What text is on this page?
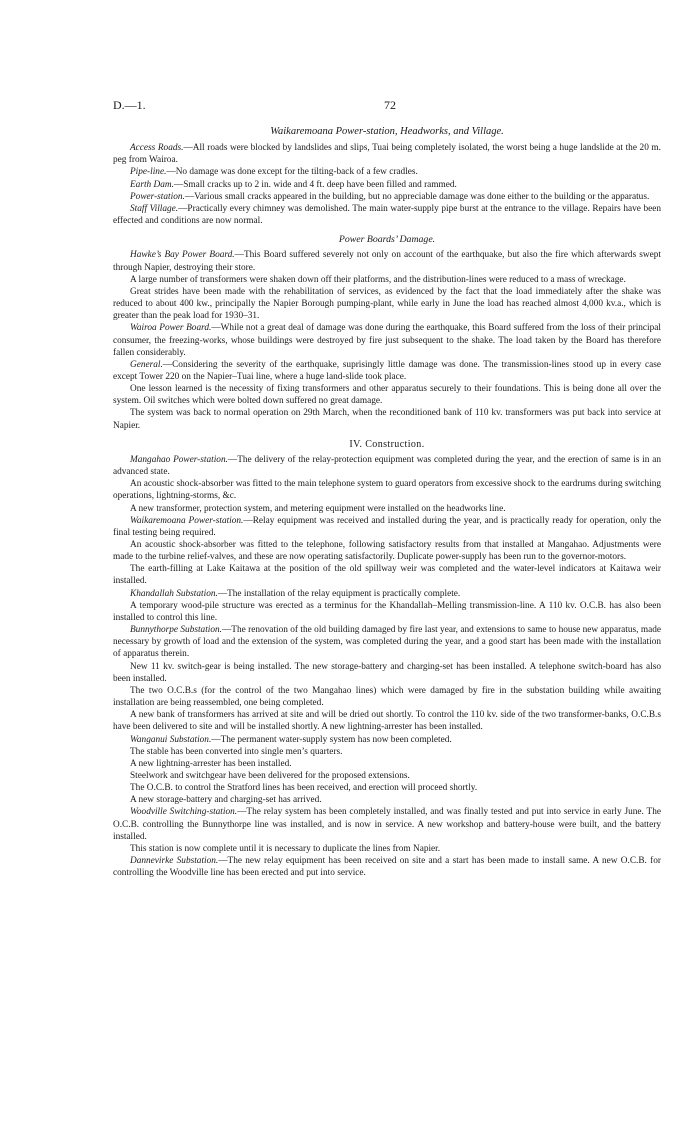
D.—1.	72
Waikaremoana Power-station, Headworks, and Village.

Access Roads.—All roads were blocked by landslides and slips, Tuai being completely isolated, the worst being a huge landslide at the 20 m. peg from Wairoa.

Pipe-line.—No damage was done except for the tilting-back of a few cradles.

Earth Dam.—Small cracks up to 2 in. wide and 4 ft. deep have been filled and rammed.

Power-station.—Various small cracks appeared in the building, but no appreciable damage was done either to the building or the apparatus.

Staff Village.—Practically every chimney was demolished. The main water-supply pipe burst at the entrance to the village. Repairs have been effected and conditions are now normal.

Power Boards’ Damage.

Hawke’s Bay Power Board.—This Board suffered severely not only on account of the earthquake, but also the fire which afterwards swept through Napier, destroying their store.

A large number of transformers were shaken down off their platforms, and the distribution-lines were reduced to a mass of wreckage.

Great strides have been made with the rehabilitation of services, as evidenced by the fact that the load immediately after the shake was reduced to about 400 kw., principally the Napier Borough pumping-plant, while early in June the load has reached almost 4,000 kv.a., which is greater than the peak load for 1930–31.

Wairoa Power Board.—While not a great deal of damage was done during the earthquake, this Board suffered from the loss of their principal consumer, the freezing-works, whose buildings were destroyed by fire just subsequent to the shake. The load taken by the Board has therefore fallen considerably.

General.—Considering the severity of the earthquake, suprisingly little damage was done. The transmission-lines stood up in every case except Tower 220 on the Napier–Tuai line, where a huge land-slide took place.

One lesson learned is the necessity of fixing transformers and other apparatus securely to their foundations. This is being done all over the system. Oil switches which were bolted down suffered no great damage.

The system was back to normal operation on 29th March, when the reconditioned bank of 110 kv. transformers was put back into service at Napier.

IV. Construction.

Mangahao Power-station.—The delivery of the relay-protection equipment was completed during the year, and the erection of same is in an advanced state.

An acoustic shock-absorber was fitted to the main telephone system to guard operators from excessive shock to the eardrums during switching operations, lightning-storms, &c.

A new transformer, protection system, and metering equipment were installed on the headworks line.

Waikaremoana Power-station.—Relay equipment was received and installed during the year, and is practically ready for operation, only the final testing being required.

An acoustic shock-absorber was fitted to the telephone, following satisfactory results from that installed at Mangahao. Adjustments were made to the turbine relief-valves, and these are now operating satisfactorily. Duplicate power-supply has been run to the governor-motors.

The earth-filling at Lake Kaitawa at the position of the old spillway weir was completed and the water-level indicators at Kaitawa weir installed.

Khandallah Substation.—The installation of the relay equipment is practically complete.

A temporary wood-pile structure was erected as a terminus for the Khandallah–Melling transmission-line. A 110 kv. O.C.B. has also been installed to control this line.

Bunnythorpe Substation.—The renovation of the old building damaged by fire last year, and extensions to same to house new apparatus, made necessary by growth of load and the extension of the system, was completed during the year, and a good start has been made with the installation of apparatus therein.

New 11 kv. switch-gear is being installed. The new storage-battery and charging-set has been installed. A telephone switch-board has also been installed.

The two O.C.B.s (for the control of the two Mangahao lines) which were damaged by fire in the substation building while awaiting installation are being reassembled, one being completed.

A new bank of transformers has arrived at site and will be dried out shortly. To control the 110 kv. side of the two transformer-banks, O.C.B.s have been delivered to site and will be installed shortly. A new lightning-arrester has been installed.

Wanganui Substation.—The permanent water-supply system has now been completed.

The stable has been converted into single men’s quarters.

A new lightning-arrester has been installed.

Steelwork and switchgear have been delivered for the proposed extensions.

The O.C.B. to control the Stratford lines has been received, and erection will proceed shortly.

A new storage-battery and charging-set has arrived.

Woodville Switching-station.—The relay system has been completely installed, and was finally tested and put into service in early June. The O.C.B. controlling the Bunnythorpe line was installed, and is now in service. A new workshop and battery-house were built, and the battery installed.

This station is now complete until it is necessary to duplicate the lines from Napier.

Dannevirke Substation.—The new relay equipment has been received on site and a start has been made to install same. A new O.C.B. for controlling the Woodville line has been erected and put into service.
